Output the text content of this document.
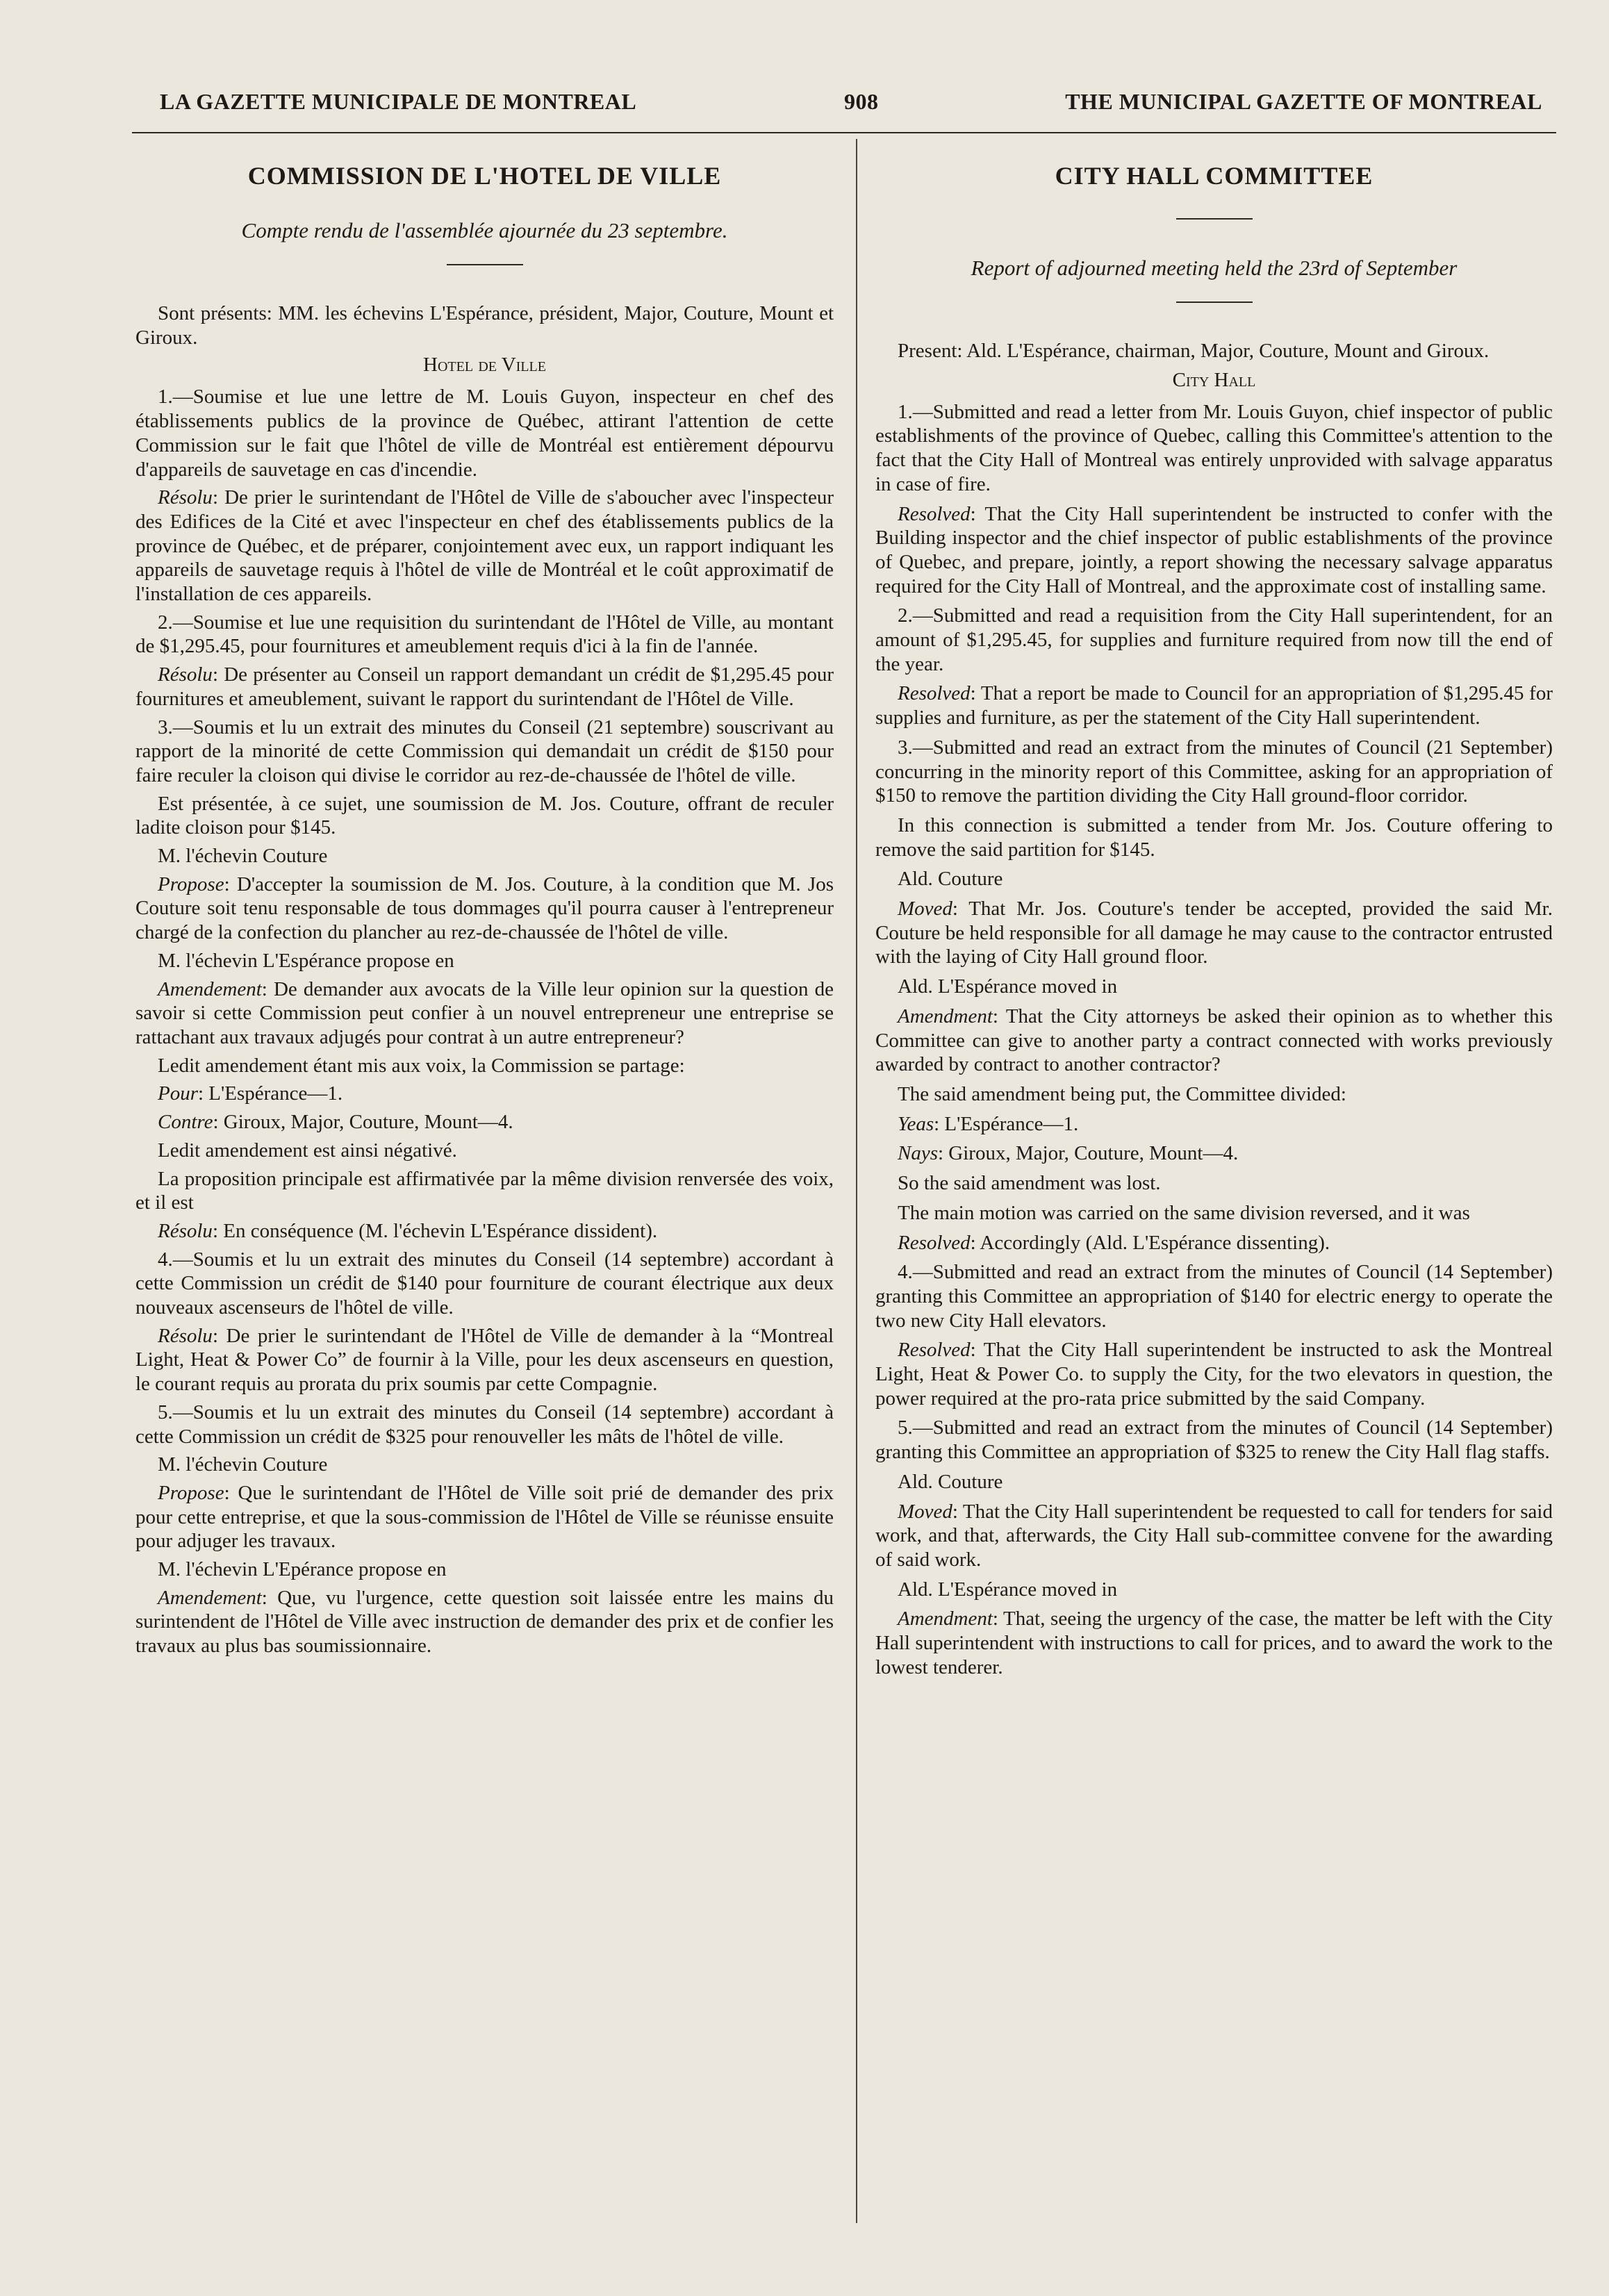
LA GAZETTE MUNICIPALE DE MONTREAL	908	THE MUNICIPAL GAZETTE OF MONTREAL
COMMISSION DE L'HOTEL DE VILLE
Compte rendu de l'assemblée ajournée du 23 septembre.

Sont présents: MM. les échevins L'Espérance, président, Major, Couture, Mount et Giroux.

Hotel de Ville

1.—Soumise et lue une lettre de M. Louis Guyon, inspecteur en chef des établissements publics de la province de Québec, attirant l'attention de cette Commission sur le fait que l'hôtel de ville de Montréal est entièrement dépourvu d'appareils de sauvetage en cas d'incendie.

Résolu: De prier le surintendant de l'Hôtel de Ville de s'aboucher avec l'inspecteur des Edifices de la Cité et avec l'inspecteur en chef des établissements publics de la province de Québec, et de préparer, conjointement avec eux, un rapport indiquant les appareils de sauvetage requis à l'hôtel de ville de Montréal et le coût approximatif de l'installation de ces appareils.

2.—Soumise et lue une requisition du surintendant de l'Hôtel de Ville, au montant de $1,295.45, pour fournitures et ameublement requis d'ici à la fin de l'année.

Résolu: De présenter au Conseil un rapport demandant un crédit de $1,295.45 pour fournitures et ameublement, suivant le rapport du surintendant de l'Hôtel de Ville.

3.—Soumis et lu un extrait des minutes du Conseil (21 septembre) souscrivant au rapport de la minorité de cette Commission qui demandait un crédit de $150 pour faire reculer la cloison qui divise le corridor au rez-de-chaussée de l'hôtel de ville.

Est présentée, à ce sujet, une soumission de M. Jos. Couture, offrant de reculer ladite cloison pour $145.

M. l'échevin Couture

Propose: D'accepter la soumission de M. Jos. Couture, à la condition que M. Jos Couture soit tenu responsable de tous dommages qu'il pourra causer à l'entrepreneur chargé de la confection du plancher au rez-de-chaussée de l'hôtel de ville.

M. l'échevin L'Espérance propose en

Amendement: De demander aux avocats de la Ville leur opinion sur la question de savoir si cette Commission peut confier à un nouvel entrepreneur une entreprise se rattachant aux travaux adjugés pour contrat à un autre entrepreneur?

Ledit amendement étant mis aux voix, la Commission se partage:

Pour: L'Espérance—1.

Contre: Giroux, Major, Couture, Mount—4.

Ledit amendement est ainsi négativé.

La proposition principale est affirmativée par la même division renversée des voix, et il est

Résolu: En conséquence (M. l'échevin L'Espérance dissident).

4.—Soumis et lu un extrait des minutes du Conseil (14 septembre) accordant à cette Commission un crédit de $140 pour fourniture de courant électrique aux deux nouveaux ascenseurs de l'hôtel de ville.

Résolu: De prier le surintendant de l'Hôtel de Ville de demander à la “Montreal Light, Heat & Power Co” de fournir à la Ville, pour les deux ascenseurs en question, le courant requis au prorata du prix soumis par cette Compagnie.

5.—Soumis et lu un extrait des minutes du Conseil (14 septembre) accordant à cette Commission un crédit de $325 pour renouveller les mâts de l'hôtel de ville.

M. l'échevin Couture

Propose: Que le surintendant de l'Hôtel de Ville soit prié de demander des prix pour cette entreprise, et que la sous-commission de l'Hôtel de Ville se réunisse ensuite pour adjuger les travaux.

M. l'échevin L'Epérance propose en

Amendement: Que, vu l'urgence, cette question soit laissée entre les mains du surintendent de l'Hôtel de Ville avec instruction de demander des prix et de confier les travaux au plus bas soumissionnaire.

CITY HALL COMMITTEE
Report of adjourned meeting held the 23rd of September

Present: Ald. L'Espérance, chairman, Major, Couture, Mount and Giroux.

City Hall

1.—Submitted and read a letter from Mr. Louis Guyon, chief inspector of public establishments of the province of Quebec, calling this Committee's attention to the fact that the City Hall of Montreal was entirely unprovided with salvage apparatus in case of fire.

Resolved: That the City Hall superintendent be instructed to confer with the Building inspector and the chief inspector of public establishments of the province of Quebec, and prepare, jointly, a report showing the necessary salvage apparatus required for the City Hall of Montreal, and the approximate cost of installing same.

2.—Submitted and read a requisition from the City Hall superintendent, for an amount of $1,295.45, for supplies and furniture required from now till the end of the year.

Resolved: That a report be made to Council for an appropriation of $1,295.45 for supplies and furniture, as per the statement of the City Hall superintendent.

3.—Submitted and read an extract from the minutes of Council (21 September) concurring in the minority report of this Committee, asking for an appropriation of $150 to remove the partition dividing the City Hall ground-floor corridor.

In this connection is submitted a tender from Mr. Jos. Couture offering to remove the said partition for $145.

Ald. Couture

Moved: That Mr. Jos. Couture's tender be accepted, provided the said Mr. Couture be held responsible for all damage he may cause to the contractor entrusted with the laying of City Hall ground floor.

Ald. L'Espérance moved in

Amendment: That the City attorneys be asked their opinion as to whether this Committee can give to another party a contract connected with works previously awarded by contract to another contractor?

The said amendment being put, the Committee divided:

Yeas: L'Espérance—1.

Nays: Giroux, Major, Couture, Mount—4.

So the said amendment was lost.

The main motion was carried on the same division reversed, and it was

Resolved: Accordingly (Ald. L'Espérance dissenting).

4.—Submitted and read an extract from the minutes of Council (14 September) granting this Committee an appropriation of $140 for electric energy to operate the two new City Hall elevators.

Resolved: That the City Hall superintendent be instructed to ask the Montreal Light, Heat & Power Co. to supply the City, for the two elevators in question, the power required at the pro-rata price submitted by the said Company.

5.—Submitted and read an extract from the minutes of Council (14 September) granting this Committee an appropriation of $325 to renew the City Hall flag staffs.

Ald. Couture

Moved: That the City Hall superintendent be requested to call for tenders for said work, and that, afterwards, the City Hall sub-committee convene for the awarding of said work.

Ald. L'Espérance moved in

Amendment: That, seeing the urgency of the case, the matter be left with the City Hall superintendent with instructions to call for prices, and to award the work to the lowest tenderer.
